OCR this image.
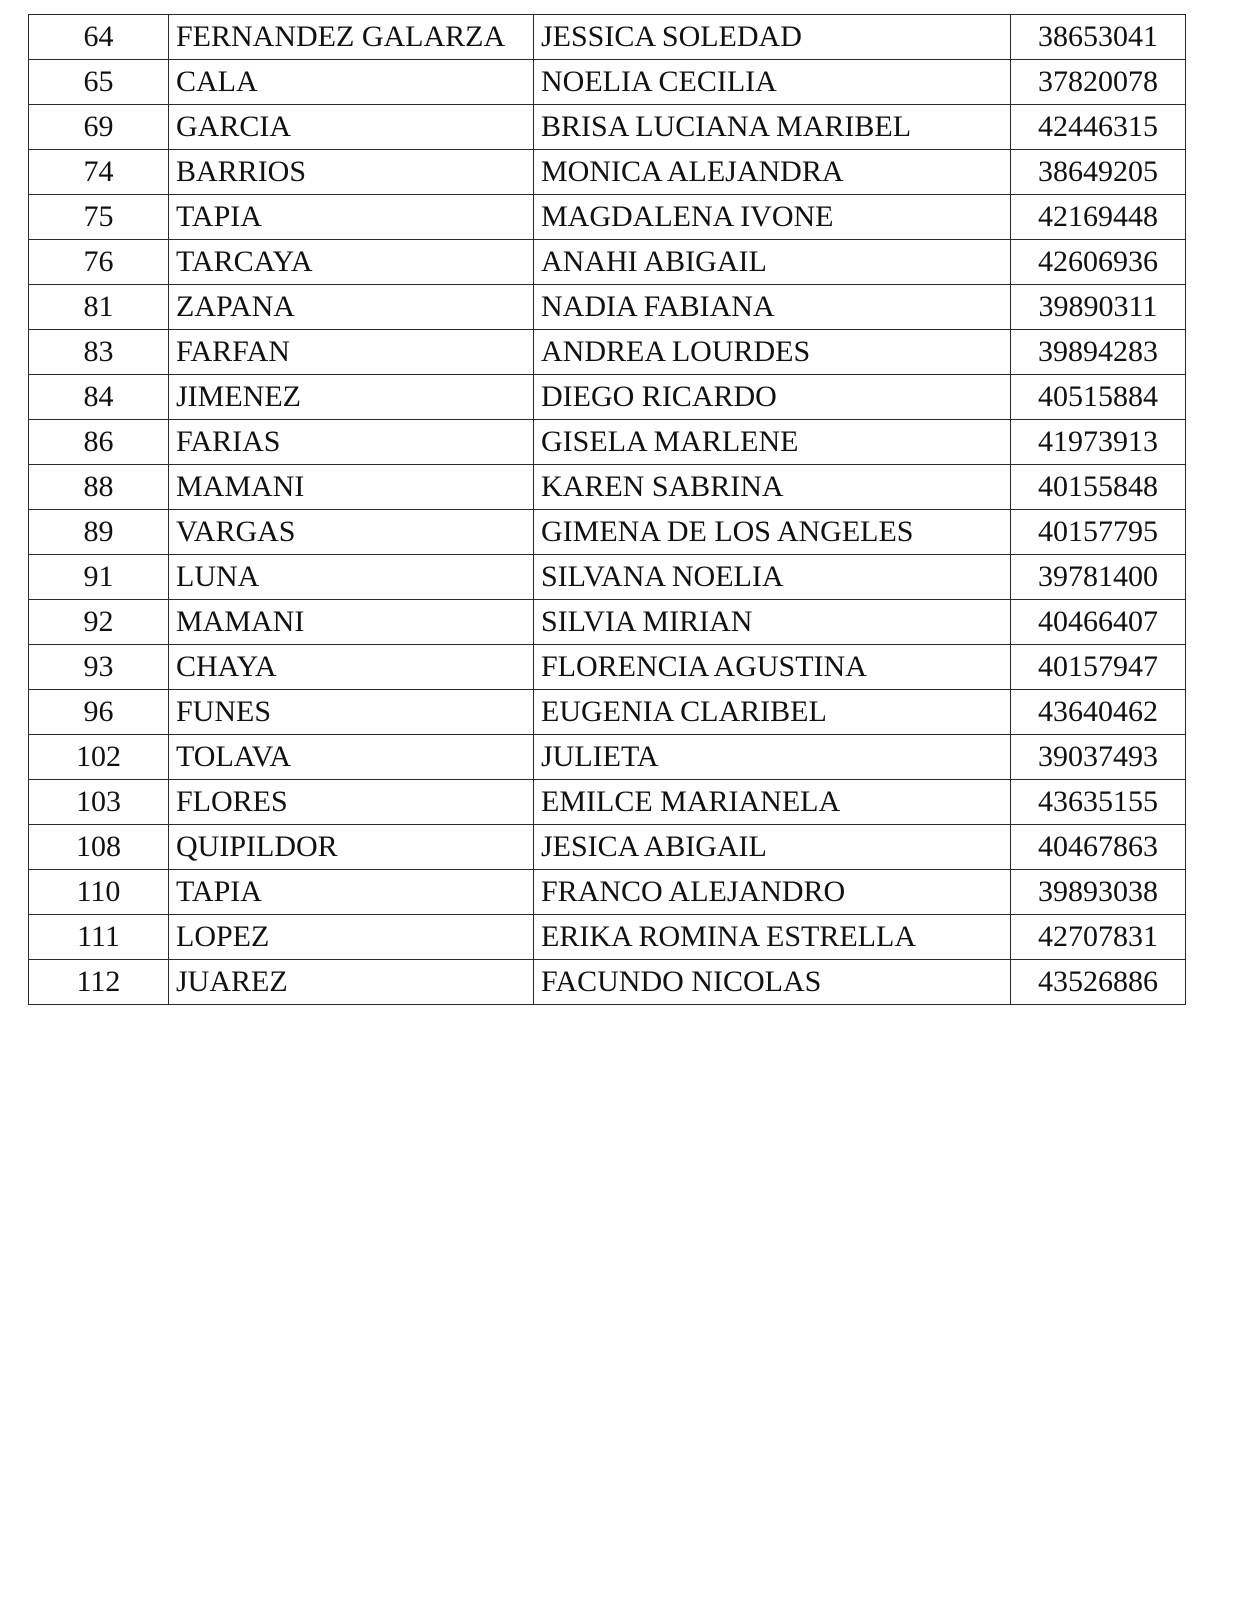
64	FERNANDEZ GALARZA	JESSICA SOLEDAD	38653041
65	CALA	NOELIA CECILIA	37820078
69	GARCIA	BRISA LUCIANA MARIBEL	42446315
74	BARRIOS	MONICA ALEJANDRA	38649205
75	TAPIA	MAGDALENA IVONE	42169448
76	TARCAYA	ANAHI ABIGAIL	42606936
81	ZAPANA	NADIA FABIANA	39890311
83	FARFAN	ANDREA LOURDES	39894283
84	JIMENEZ	DIEGO RICARDO	40515884
86	FARIAS	GISELA MARLENE	41973913
88	MAMANI	KAREN SABRINA	40155848
89	VARGAS	GIMENA DE LOS ANGELES	40157795
91	LUNA	SILVANA NOELIA	39781400
92	MAMANI	SILVIA MIRIAN	40466407
93	CHAYA	FLORENCIA AGUSTINA	40157947
96	FUNES	EUGENIA CLARIBEL	43640462
102	TOLAVA	JULIETA	39037493
103	FLORES	EMILCE MARIANELA	43635155
108	QUIPILDOR	JESICA ABIGAIL	40467863
110	TAPIA	FRANCO ALEJANDRO	39893038
111	LOPEZ	ERIKA ROMINA ESTRELLA	42707831
112	JUAREZ	FACUNDO NICOLAS	43526886
